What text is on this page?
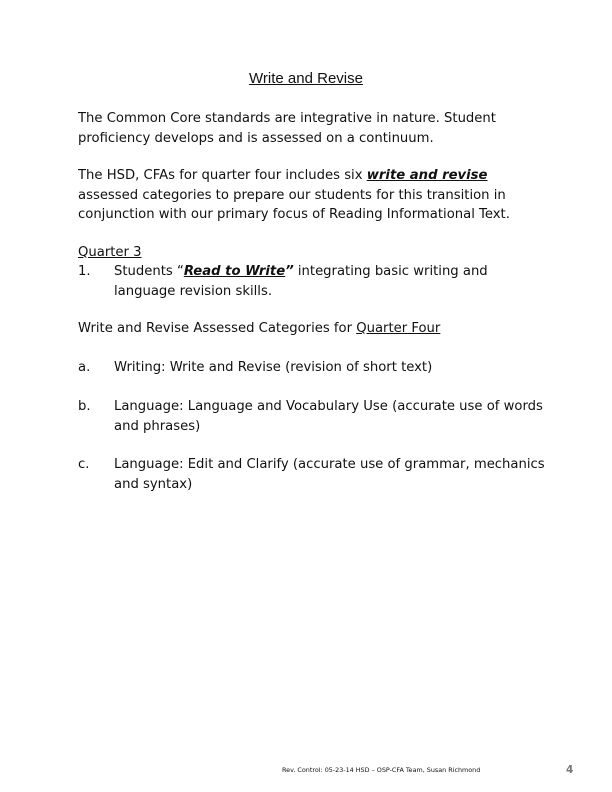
Write and Revise
The Common Core standards are integrative in nature. Student proficiency develops and is assessed on a continuum.
The HSD, CFAs for quarter four includes six write and revise assessed categories to prepare our students for this transition in conjunction with our primary focus of Reading Informational Text.
Quarter 3
1. Students “Read to Write” integrating basic writing and language revision skills.
Write and Revise Assessed Categories for Quarter Four
a. Writing: Write and Revise (revision of short text)
b. Language: Language and Vocabulary Use (accurate use of words and phrases)
c. Language: Edit and Clarify (accurate use of grammar, mechanics and syntax)
Rev. Control: 05-23-14 HSD – OSP-CFA Team, Susan Richmond	4
